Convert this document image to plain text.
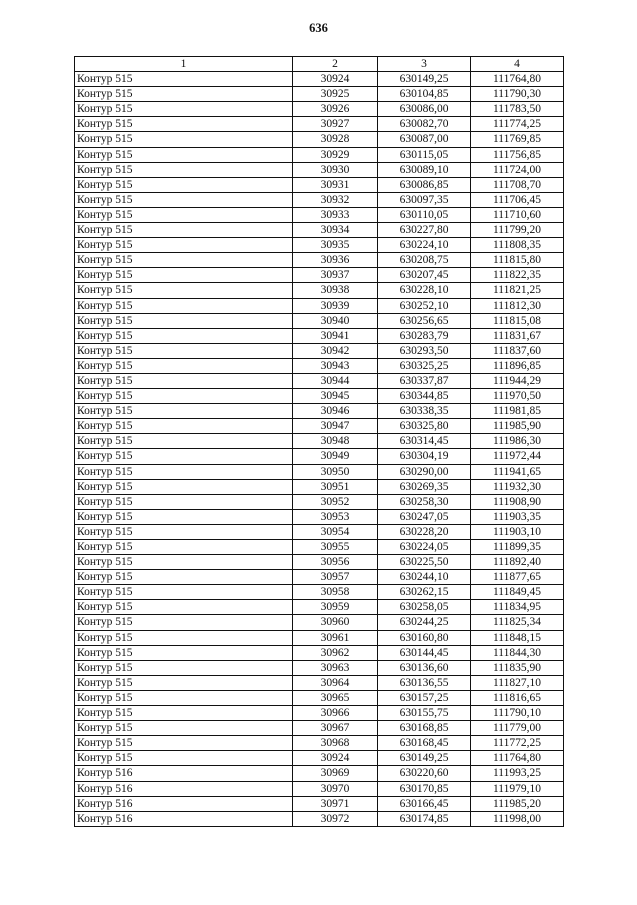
636
1	2	3	4
Контур 515	30924	630149,25	111764,80
Контур 515	30925	630104,85	111790,30
Контур 515	30926	630086,00	111783,50
Контур 515	30927	630082,70	111774,25
Контур 515	30928	630087,00	111769,85
Контур 515	30929	630115,05	111756,85
Контур 515	30930	630089,10	111724,00
Контур 515	30931	630086,85	111708,70
Контур 515	30932	630097,35	111706,45
Контур 515	30933	630110,05	111710,60
Контур 515	30934	630227,80	111799,20
Контур 515	30935	630224,10	111808,35
Контур 515	30936	630208,75	111815,80
Контур 515	30937	630207,45	111822,35
Контур 515	30938	630228,10	111821,25
Контур 515	30939	630252,10	111812,30
Контур 515	30940	630256,65	111815,08
Контур 515	30941	630283,79	111831,67
Контур 515	30942	630293,50	111837,60
Контур 515	30943	630325,25	111896,85
Контур 515	30944	630337,87	111944,29
Контур 515	30945	630344,85	111970,50
Контур 515	30946	630338,35	111981,85
Контур 515	30947	630325,80	111985,90
Контур 515	30948	630314,45	111986,30
Контур 515	30949	630304,19	111972,44
Контур 515	30950	630290,00	111941,65
Контур 515	30951	630269,35	111932,30
Контур 515	30952	630258,30	111908,90
Контур 515	30953	630247,05	111903,35
Контур 515	30954	630228,20	111903,10
Контур 515	30955	630224,05	111899,35
Контур 515	30956	630225,50	111892,40
Контур 515	30957	630244,10	111877,65
Контур 515	30958	630262,15	111849,45
Контур 515	30959	630258,05	111834,95
Контур 515	30960	630244,25	111825,34
Контур 515	30961	630160,80	111848,15
Контур 515	30962	630144,45	111844,30
Контур 515	30963	630136,60	111835,90
Контур 515	30964	630136,55	111827,10
Контур 515	30965	630157,25	111816,65
Контур 515	30966	630155,75	111790,10
Контур 515	30967	630168,85	111779,00
Контур 515	30968	630168,45	111772,25
Контур 515	30924	630149,25	111764,80
Контур 516	30969	630220,60	111993,25
Контур 516	30970	630170,85	111979,10
Контур 516	30971	630166,45	111985,20
Контур 516	30972	630174,85	111998,00
